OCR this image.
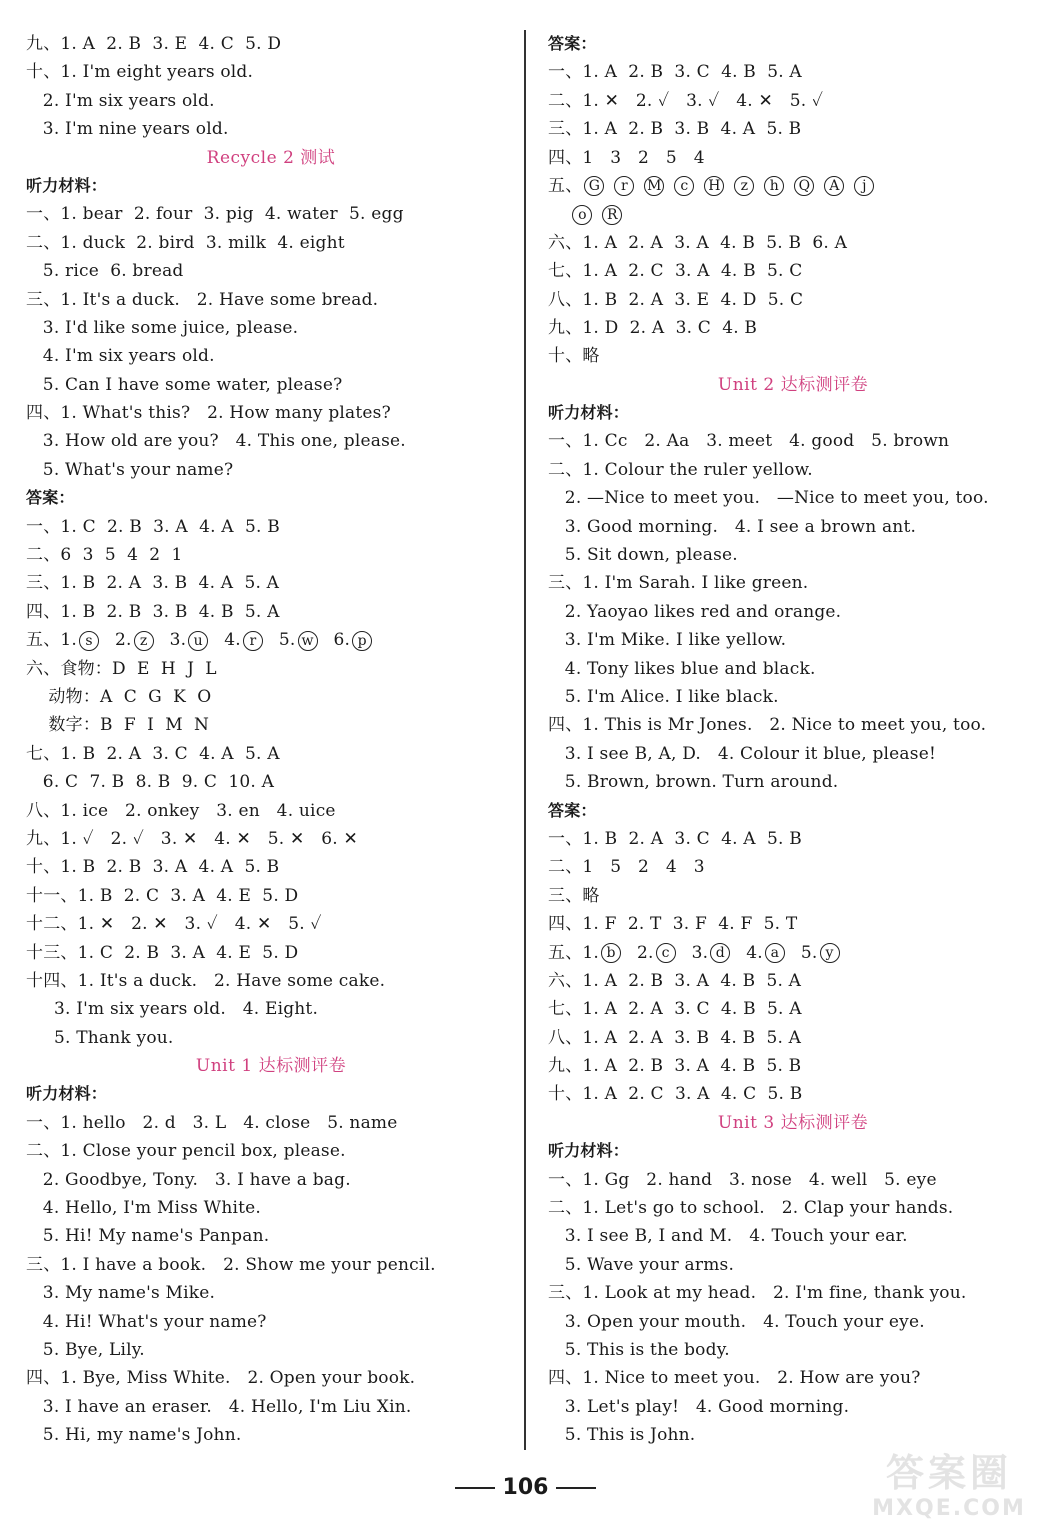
九、1. A  2. B  3. E  4. C  5. D
十、1. I'm eight years old.
2. I'm six years old.
3. I'm nine years old.
Recycle 2 测试
听力材料：
一、1. bear  2. four  3. pig  4. water  5. egg
二、1. duck  2. bird  3. milk  4. eight
5. rice  6. bread
三、1. It's a duck.   2. Have some bread.
3. I'd like some juice, please.
4. I'm six years old.
5. Can I have some water, please?
四、1. What's this?   2. How many plates?
3. How old are you?   4. This one, please.
5. What's your name?
答案：
一、1. C  2. B  3. A  4. A  5. B
二、6  3  5  4  2  1
三、1. B  2. A  3. B  4. A  5. A
四、1. B  2. B  3. B  4. B  5. A
五、1. s 2. z 3. u 4. r 5. w 6. p
六、食物：D  E  H  J  L
动物：A  C  G  K  O
数字：B  F  I  M  N
七、1. B  2. A  3. C  4. A  5. A
6. C  7. B  8. B  9. C  10. A
八、1. ice   2. onkey   3. en   4. uice
九、1. ✓   2. ✓   3. ✕   4. ✕   5. ✕   6. ✕
十、1. B  2. B  3. A  4. A  5. B
十一、1. B  2. C  3. A  4. E  5. D
十二、1. ✕   2. ✕   3. ✓   4. ✕   5. ✓
十三、1. C  2. B  3. A  4. E  5. D
十四、1. It's a duck.   2. Have some cake.
3. I'm six years old.   4. Eight.
5. Thank you.
Unit 1 达标测评卷
听力材料：
一、1. hello   2. d   3. L   4. close   5. name
二、1. Close your pencil box, please.
2. Goodbye, Tony.   3. I have a bag.
4. Hello, I'm Miss White.
5. Hi! My name's Panpan.
三、1. I have a book.   2. Show me your pencil.
3. My name's Mike.
4. Hi! What's your name?
5. Bye, Lily.
四、1. Bye, Miss White.   2. Open your book.
3. I have an eraser.   4. Hello, I'm Liu Xin.
5. Hi, my name's John.
答案：
一、1. A  2. B  3. C  4. B  5. A
二、1. ✕   2. ✓   3. ✓   4. ✕   5. ✓
三、1. A  2. B  3. B  4. A  5. B
四、1   3   2   5   4
五、 G r M c H z h Q A j
o R
六、1. A  2. A  3. A  4. B  5. B  6. A
七、1. A  2. C  3. A  4. B  5. C
八、1. B  2. A  3. E  4. D  5. C
九、1. D  2. A  3. C  4. B
十、略
Unit 2 达标测评卷
听力材料：
一、1. Cc   2. Aa   3. meet   4. good   5. brown
二、1. Colour the ruler yellow.
2. —Nice to meet you.   —Nice to meet you, too.
3. Good morning.   4. I see a brown ant.
5. Sit down, please.
三、1. I'm Sarah. I like green.
2. Yaoyao likes red and orange.
3. I'm Mike. I like yellow.
4. Tony likes blue and black.
5. I'm Alice. I like black.
四、1. This is Mr Jones.   2. Nice to meet you, too.
3. I see B, A, D.   4. Colour it blue, please!
5. Brown, brown. Turn around.
答案：
一、1. B  2. A  3. C  4. A  5. B
二、1   5   2   4   3
三、略
四、1. F  2. T  3. F  4. F  5. T
五、1. b 2. c 3. d 4. a 5. y
六、1. A  2. B  3. A  4. B  5. A
七、1. A  2. A  3. C  4. B  5. A
八、1. A  2. A  3. B  4. B  5. A
九、1. A  2. B  3. A  4. B  5. B
十、1. A  2. C  3. A  4. C  5. B
Unit 3 达标测评卷
听力材料：
一、1. Gg   2. hand   3. nose   4. well   5. eye
二、1. Let's go to school.   2. Clap your hands.
3. I see B, I and M.   4. Touch your ear.
5. Wave your arms.
三、1. Look at my head.   2. I'm fine, thank you.
3. Open your mouth.   4. Touch your eye.
5. This is the body.
四、1. Nice to meet you.   2. How are you?
3. Let's play!   4. Good morning.
5. This is John.
106	答案圈
MXQE.COM
